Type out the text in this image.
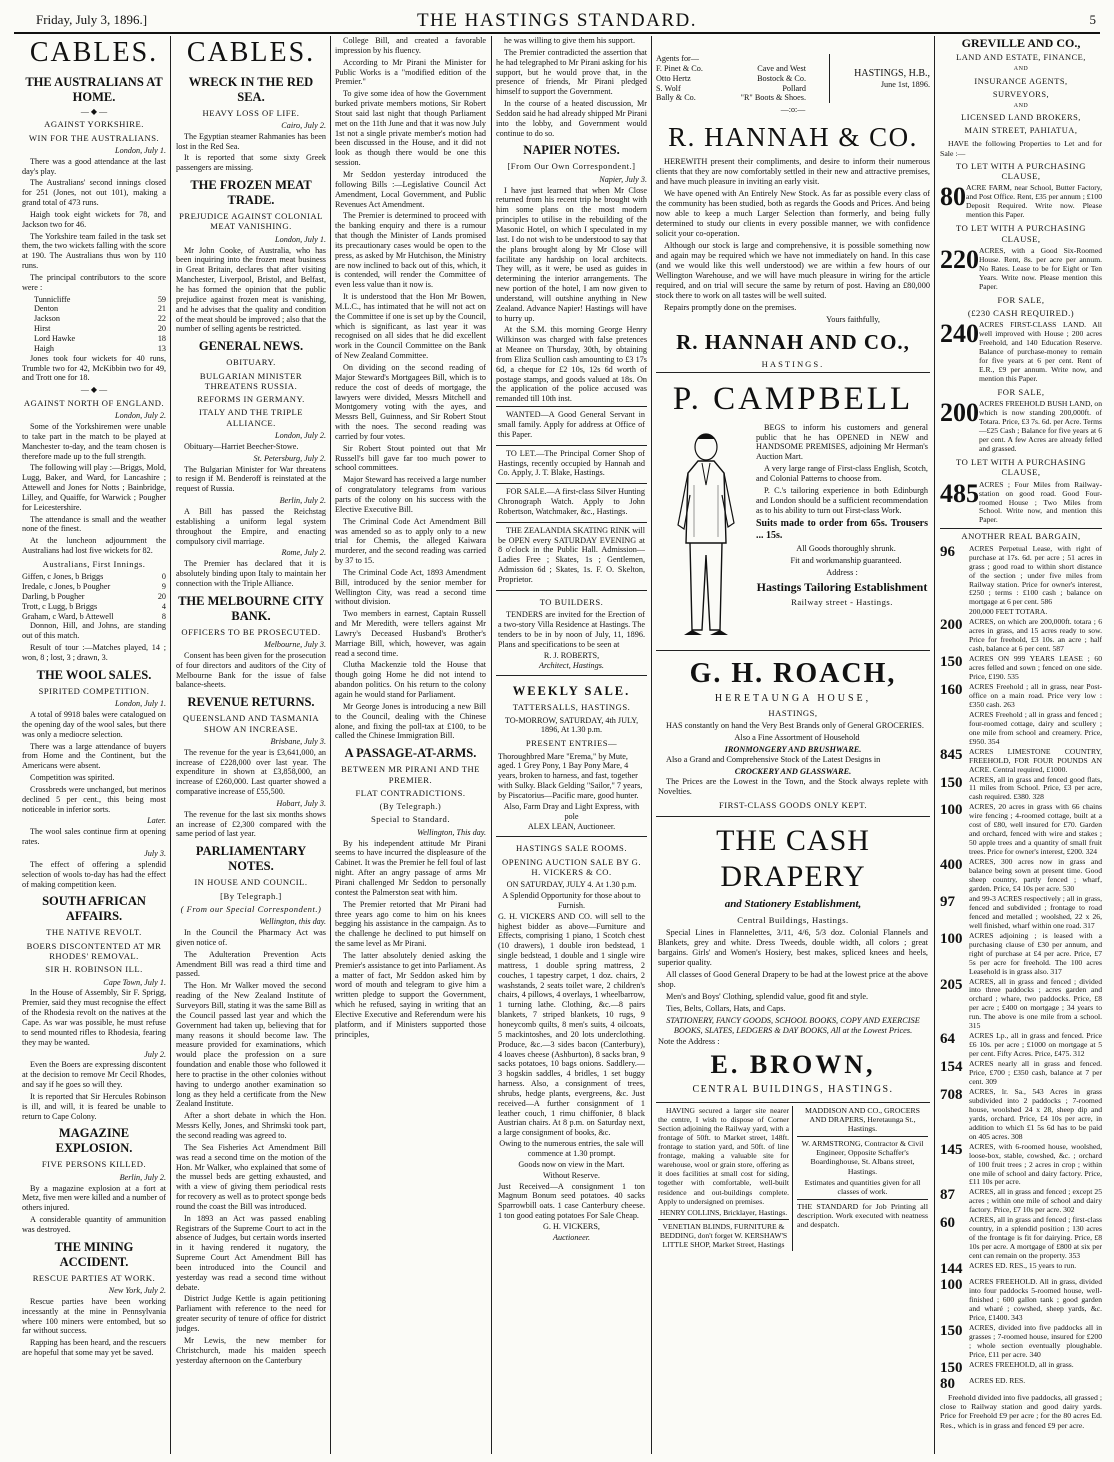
Friday, July 3, 1896.]	THE HASTINGS STANDARD.	5
CABLES.
THE AUSTRALIANS AT HOME.
— ◆ —
AGAINST YORKSHIRE.
WIN FOR THE AUSTRALIANS.
London, July 1.

There was a good attendance at the last day's play.

The Australians' second innings closed for 251 (Jones, not out 101), making a grand total of 473 runs.

Haigh took eight wickets for 78, and Jackson two for 46.

The Yorkshire team failed in the task set them, the two wickets falling with the score at 190. The Australians thus won by 110 runs.

The principal contributors to the score were :

Tunnicliffe	59
Denton	21
Jackson	22
Hirst	20
Lord Hawke	18
Haigh	13

Jones took four wickets for 40 runs, Trumble two for 42, McKibbin two for 49, and Trott one for 18.

— ◆ —
AGAINST NORTH OF ENGLAND.
London, July 2.

Some of the Yorkshiremen were unable to take part in the match to be played at Manchester to-day, and the team chosen is therefore made up to the full strength.

The following will play :—Briggs, Mold, Lugg, Baker, and Ward, for Lancashire ; Attewell and Jones for Notts ; Bainbridge, Lilley, and Quaiffe, for Warwick ; Pougher for Leicestershire.

The attendance is small and the weather none of the finest.

At the luncheon adjournment the Australians had lost five wickets for 82.

Australians, First Innings.
Giffen, c Jones, b Briggs	0
Iredale, c Jones, b Pougher	9
Darling, b Pougher	20
Trott, c Lugg, b Briggs	4
Graham, c Ward, b Attewell	8

Donnon, Hill, and Johns, are standing out of this match.

Result of tour :—Matches played, 14 ; won, 8 ; lost, 3 ; drawn, 3.

THE WOOL SALES.
SPIRITED COMPETITION.
London, July 1.

A total of 9918 bales were catalogued on the opening day of the wool sales, but there was only a mediocre selection.

There was a large attendance of buyers from Home and the Continent, but the Americans were absent.

Competition was spirited.

Crossbreds were unchanged, but merinos declined 5 per cent., this being most noticeable in inferior sorts.

Later.

The wool sales continue firm at opening rates.

July 3.

The effect of offering a splendid selection of wools to-day has had the effect of making competition keen.

SOUTH AFRICAN AFFAIRS.
THE NATIVE REVOLT.
BOERS DISCONTENTED AT MR RHODES' REMOVAL.
SIR H. ROBINSON ILL.
Cape Town, July 1.

In the House of Assembly, Sir F. Sprigg, Premier, said they must recognise the effect of the Rhodesia revolt on the natives at the Cape. As war was possible, he must refuse to send mounted rifles to Rhodesia, fearing they may be wanted.

July 2.

Even the Boers are expressing discontent at the decision to remove Mr Cecil Rhodes, and say if he goes so will they.

It is reported that Sir Hercules Robinson is ill, and will, it is feared be unable to return to Cape Colony.

MAGAZINE EXPLOSION.
FIVE PERSONS KILLED.
Berlin, July 2.

By a magazine explosion at a fort at Metz, five men were killed and a number of others injured.

A considerable quantity of ammunition was destroyed.

THE MINING ACCIDENT.
RESCUE PARTIES AT WORK.
New York, July 2.

Rescue parties have been working incessantly at the mine in Pennsylvania where 100 miners were entombed, but so far without success.

Rapping has been heard, and the rescuers are hopeful that some may yet be saved.

CABLES.
WRECK IN THE RED SEA.
HEAVY LOSS OF LIFE.
Cairo, July 2.

The Egyptian steamer Rahmanies has been lost in the Red Sea.

It is reported that some sixty Greek passengers are missing.

THE FROZEN MEAT TRADE.
PREJUDICE AGAINST COLONIAL MEAT VANISHING.
London, July 1.

Mr John Cooke, of Australia, who has been inquiring into the frozen meat business in Great Britain, declares that after visiting Manchester, Liverpool, Bristol, and Belfast, he has formed the opinion that the public prejudice against frozen meat is vanishing, and he advises that the quality and condition of the meat should be improved ; also that the number of selling agents be restricted.

GENERAL NEWS.
OBITUARY.
BULGARIAN MINISTER THREATENS RUSSIA.
REFORMS IN GERMANY.
ITALY AND THE TRIPLE ALLIANCE.
London, July 2.

Obituary—Harriet Beecher-Stowe.

St. Petersburg, July 2.

The Bulgarian Minister for War threatens to resign if M. Benderoff is reinstated at the request of Russia.

Berlin, July 2.

A Bill has passed the Reichstag establishing a uniform legal system throughout the Empire, and enacting compulsory civil marriage.

Rome, July 2.

The Premier has declared that it is absolutely binding upon Italy to maintain her connection with the Triple Alliance.

THE MELBOURNE CITY BANK.
OFFICERS TO BE PROSECUTED.
Melbourne, July 3.

Consent has been given for the prosecution of four directors and auditors of the City of Melbourne Bank for the issue of false balance-sheets.

REVENUE RETURNS.
QUEENSLAND AND TASMANIA SHOW AN INCREASE.
Brisbane, July 3.

The revenue for the year is £3,641,000, an increase of £228,000 over last year. The expenditure in shown at £3,858,000, an increase of £260,000. Last quarter showed a comparative increase of £55,500.

Hobart, July 3.

The revenue for the last six months shows an increase of £2,300 compared with the same period of last year.

PARLIAMENTARY NOTES.
IN HOUSE AND COUNCIL.
[By Telegraph.]
( From our Special Correspondent.)
Wellington, this day.

In the Council the Pharmacy Act was given notice of.

The Adulteration Prevention Acts Amendment Bill was read a third time and passed.

The Hon. Mr Walker moved the second reading of the New Zealand Institute of Surveyors Bill, stating it was the same Bill as the Council passed last year and which the Government had taken up, believing that for many reasons it should become law. The measure provided for examinations, which would place the profession on a sure foundation and enable those who followed it here to practise in the other colonies without having to undergo another examination so long as they held a certificate from the New Zealand Institute.

After a short debate in which the Hon. Messrs Kelly, Jones, and Shrimski took part, the second reading was agreed to.

The Sea Fisheries Act Amendment Bill was read a second time on the motion of the Hon. Mr Walker, who explained that some of the mussel beds are getting exhausted, and with a view of giving them periodical rests for recovery as well as to protect sponge beds round the coast the Bill was introduced.

In 1893 an Act was passed enabling Registrars of the Supreme Court to act in the absence of Judges, but certain words inserted in it having rendered it nugatory, the Supreme Court Act Amendment Bill has been introduced into the Council and yesterday was read a second time without debate.

District Judge Kettle is again petitioning Parliament with reference to the need for greater security of tenure of office for district judges.

Mr Lewis, the new member for Christchurch, made his maiden speech yesterday afternoon on the Canterbury

College Bill, and created a favorable impression by his fluency.

According to Mr Pirani the Minister for Public Works is a "modified edition of the Premier."

To give some idea of how the Government burked private members motions, Sir Robert Stout said last night that though Parliament met on the 11th June and that it was now July 1st not a single private member's motion had been discussed in the House, and it did not look as though there would be one this session.

Mr Seddon yesterday introduced the following Bills :—Legislative Council Act Amendment, Local Government, and Public Revenues Act Amendment.

The Premier is determined to proceed with the banking enquiry and there is a rumour that though the Minister of Lands promised its precautionary cases would be open to the press, as asked by Mr Hutchison, the Ministry are now inclined to back out of this, which, it is contended, will render the Committee of even less value than it now is.

It is understood that the Hon Mr Bowen, M.L.C., has intimated that he will not act on the Committee if one is set up by the Council, which is significant, as last year it was recognised on all sides that he did excellent work in the Council Committee on the Bank of New Zealand Committee.

On dividing on the second reading of Major Steward's Mortgagees Bill, which is to reduce the cost of deeds of mortgage, the lawyers were divided, Messrs Mitchell and Montgomery voting with the ayes, and Messrs Bell, Guinness, and Sir Robert Stout with the noes. The second reading was carried by four votes.

Sir Robert Stout pointed out that Mr Russell's bill gave far too much power to school committees.

Major Steward has received a large number of congratulatory telegrams from various parts of the colony on his success with the Elective Executive Bill.

The Criminal Code Act Amendment Bill was amended so as to apply only to a new trial for Chemis, the alleged Kaiwara murderer, and the second reading was carried by 37 to 15.

The Criminal Code Act, 1893 Amendment Bill, introduced by the senior member for Wellington City, was read a second time without division.

Two members in earnest, Captain Russell and Mr Meredith, were tellers against Mr Lawry's Deceased Husband's Brother's Marriage Bill, which, however, was again read a second time.

Clutha Mackenzie told the House that though going Home he did not intend to abandon politics. On his return to the colony again he would stand for Parliament.

Mr George Jones is introducing a new Bill to the Council, dealing with the Chinese alone, and fixing the poll-tax at £100, to be called the Chinese Immigration Bill.

A PASSAGE-AT-ARMS.
BETWEEN MR PIRANI AND THE PREMIER.
FLAT CONTRADICTIONS.
(By Telegraph.)
Special to Standard.
Wellington, This day.

By his independent attitude Mr Pirani seems to have incurred the displeasure of the Cabinet. It was the Premier he fell foul of last night. After an angry passage of arms Mr Pirani challenged Mr Seddon to personally contest the Palmerston seat with him.

The Premier retorted that Mr Pirani had three years ago come to him on his knees begging his assistance in the campaign. As to the challenge he declined to put himself on the same level as Mr Pirani.

The latter absolutely denied asking the Premier's assistance to get into Parliament. As a matter of fact, Mr Seddon asked him by word of mouth and telegram to give him a written pledge to support the Government, which he refused, saying in writing that an Elective Executive and Referendum were his platform, and if Ministers supported those principles,

he was willing to give them his support.

The Premier contradicted the assertion that he had telegraphed to Mr Pirani asking for his support, but he would prove that, in the presence of friends, Mr Pirani pledged himself to support the Government.

In the course of a heated discussion, Mr Seddon said he had already shipped Mr Pirani into the lobby, and Government would continue to do so.

NAPIER NOTES.
[From Our Own Correspondent.]
Napier, July 3.

I have just learned that when Mr Close returned from his recent trip he brought with him some plans on the most modern principles to utilise in the rebuilding of the Masonic Hotel, on which I speculated in my last. I do not wish to be understood to say that the plans brought along by Mr Close will facilitate any hardship on local architects. They will, as it were, be used as guides in determining the interior arrangements. The new portion of the hotel, I am now given to understand, will outshine anything in New Zealand. Advance Napier! Hastings will have to hurry up.

At the S.M. this morning George Henry Wilkinson was charged with false pretences at Meanee on Thursday, 30th, by obtaining from Eliza Scullion cash amounting to £3 17s 6d, a cheque for £2 10s, 12s 6d worth of postage stamps, and goods valued at 18s. On the application of the police accused was remanded till 10th inst.

WANTED—A Good General Servant in small family. Apply for address at Office of this Paper.

TO LET.—The Principal Corner Shop of Hastings, recently occupied by Hannah and Co. Apply, J. T. Blake, Hastings.

FOR SALE.—A first-class Silver Hunting Chronograph Watch. Apply to John Robertson, Watchmaker, &c., Hastings.

THE ZEALANDIA SKATING RINK will be OPEN every SATURDAY EVENING at 8 o'clock in the Public Hall. Admission—Ladies Free ; Skates, 1s ; Gentlemen, Admission 6d ; Skates, 1s. F. O. Skelton, Proprietor.

TO BUILDERS.

TENDERS are invited for the Erection of a two-story Villa Residence at Hastings. The tenders to be in by noon of July, 11, 1896. Plans and specifications to be seen at

R. J. ROBERTS,

Architect, Hastings.

WEEKLY SALE.
TATTERSALLS, HASTINGS.

TO-MORROW, SATURDAY, 4th JULY, 1896, At 1.30 p.m.

PRESENT ENTRIES—

Thoroughbred Mare "Erema," by Mute, aged. 1 Grey Pony, 1 Bay Pony Mare, 4 years, broken to harness, and fast, together with Sulky. Black Gelding "Sailor," 7 years, by Piscatorius—Pacific mare, good hunter.

Also, Farm Dray and Light Express, with pole

ALEX LEAN, Auctioneer.

HASTINGS SALE ROOMS.
OPENING AUCTION SALE BY G. H. VICKERS & CO.

ON SATURDAY, JULY 4. At 1.30 p.m.

A Splendid Opportunity for those about to Furnish.

G. H. VICKERS AND CO. will sell to the highest bidder as above—Furniture and Effects, comprising 1 piano, 1 Scotch chest (10 drawers), 1 double iron bedstead, 1 single bedstead, 1 double and 1 single wire mattress, 1 double spring mattress, 2 couches, 1 tapestry carpet, 1 doz. chairs, 2 washstands, 2 seats toilet ware, 2 children's chairs, 4 pillows, 4 overlays, 1 wheelbarrow, 1 turning lathe. Clothing, &c.—8 pairs blankets, 7 striped blankets, 10 rugs, 9 honeycomb quilts, 8 men's suits, 4 oilcoats, 5 mackintoshes, and 20 lots underclothing. Produce, &c.—3 sides bacon (Canterbury), 4 loaves cheese (Ashburton), 8 sacks bran, 9 sacks potatoes, 10 bags onions. Saddlery.—3 hogskin saddles, 4 bridles, 1 set buggy harness. Also, a consignment of trees, shrubs, hedge plants, evergreens, &c. Just received—A further consignment of 1 leather couch, 1 rimu chiffonier, 8 black Austrian chairs. At 8 p.m. on Saturday next, a large consignment of books, &c.

Owing to the numerous entries, the sale will commence at 1.30 prompt.

Goods now on view in the Mart.

Without Reserve.

Just Received—A consignment 1 ton Magnum Bonum seed potatoes. 40 sacks Sparrowbill oats. 1 case Canterbury cheese. 1 ton good eating potatoes For Sale Cheap.

G. H. VICKERS,

Auctioneer.

Agents for—
F. Pinet & Co.	Cave and West
Otto Hertz	Bostock & Co.
S. Wolf	Pollard
Bally & Co.	"R" Boots & Shoes.
HASTINGS, H.B.,
June 1st, 1896.
—:o:—
R. HANNAH & CO.

HEREWITH present their compliments, and desire to inform their numerous clients that they are now comfortably settled in their new and attractive premises, and have much pleasure in inviting an early visit.

We have opened with An Entirely New Stock. As far as possible every class of the community has been studied, both as regards the Goods and Prices. And being now able to keep a much Larger Selection than formerly, and being fully determined to study our clients in every possible manner, we with confidence solicit your co-operation.

Although our stock is large and comprehensive, it is possible something now and again may be required which we have not immediately on hand. In this case (and we would like this well understood) we are within a few hours of our Wellington Warehouse, and we will have much pleasure in wiring for the article required, and on trial will secure the same by return of post. Having an £80,000 stock there to work on all tastes will be well suited.

Repairs promptly done on the premises.

Yours faithfully,

R. HANNAH AND CO.,
HASTINGS.
P. CAMPBELL

BEGS to inform his customers and general public that he has OPENED in NEW and HANDSOME PREMISES, adjoining Mr Herman's Auction Mart.

A very large range of First-class English, Scotch, and Colonial Patterns to choose from.

P. C.'s tailoring experience in both Edinburgh and London should be a sufficient recommendation as to his ability to turn out First-class Work.

Suits made to order from 65s. Trousers ... 15s.

All Goods thoroughly shrunk.

Fit and workmanship guaranteed.

Address :

Hastings Tailoring Establishment
Railway street - Hastings.
G. H. ROACH,
HERETAUNGA HOUSE,
HASTINGS,

HAS constantly on hand the Very Best Brands only of General GROCERIES.

Also a Fine Assortment of Household

IRONMONGERY AND BRUSHWARE.

Also a Grand and Comprehensive Stock of the Latest Designs in

CROCKERY AND GLASSWARE.

The Prices are the Lowest in the Town, and the Stock always replete with Novelties.

FIRST-CLASS GOODS ONLY KEPT.
THE CASH DRAPERY
and Stationery Establishment,
Central Buildings, Hastings.

Special Lines in Flannelettes, 3/11, 4/6, 5/3 doz. Colonial Flannels and Blankets, grey and white. Dress Tweeds, double width, all colors ; great bargains. Girls' and Women's Hosiery, best makes, spliced knees and heels, superior quality.

All classes of Good General Drapery to be had at the lowest price at the above shop.

Men's and Boys' Clothing, splendid value, good fit and style.

Ties, Belts, Collars, Hats, and Caps.

STATIONERY, FANCY GOODS, SCHOOL BOOKS, COPY AND EXERCISE BOOKS, SLATES, LEDGERS & DAY BOOKS, All at the Lowest Prices.

Note the Address :

E. BROWN,
CENTRAL BUILDINGS, HASTINGS.

HAVING secured a larger site nearer the centre, I wish to dispose of Corner Section adjoining the Railway yard, with a frontage of 50ft. to Market street, 148ft. frontage to station yard, and 50ft. of line frontage, making a valuable site for warehouse, wool or grain store, offering as it does facilities at small cost for siding, together with comfortable, well-built residence and out-buildings complete. Apply to undersigned on premises.

HENRY COLLINS, Bricklayer, Hastings.

VENETIAN BLINDS, FURNITURE & BEDDING, don't forget W. KERSHAW'S LITTLE SHOP, Market Street, Hastings

MADDISON AND CO., GROCERS AND DRAPERS, Heretaunga St., Hastings.

W. ARMSTRONG, Contractor & Civil Engineer, Opposite Schaffer's Boardinghouse, St. Albans street, Hastings.

Estimates and quantities given for all classes of work.

THE STANDARD for Job Printing all description. Work executed with neatness and despatch.

GREVILLE AND CO.,
LAND AND ESTATE, FINANCE,
AND
INSURANCE AGENTS,
SURVEYORS,
AND
LICENSED LAND BROKERS,
MAIN STREET, PAHIATUA,

HAVE the following Properties to Let and for Sale :—

TO LET WITH A PURCHASING CLAUSE,
80 ACRE FARM, near School, Butter Factory, and Post Office. Rent, £35 per annum ; £100 Deposit Required. Write now. Please mention this Paper.
TO LET WITH A PURCHASING CLAUSE,
220 ACRES, with a Good Six-Roomed House. Rent, 8s. per acre per annum. No Rates. Lease to be for Eight or Ten Years. Write now. Please mention this Paper.
FOR SALE,
(£230 CASH REQUIRED.)
240 ACRES FIRST-CLASS LAND. All well improved with House ; 200 acres Freehold, and 140 Education Reserve. Balance of purchase-money to remain for five years at 6 per cent. Rent of E.R., £9 per annum. Write now, and mention this Paper.
FOR SALE,
200 ACRES FREEHOLD BUSH LAND, on which is now standing 200,000ft. of Totara. Price, £3 7s. 6d. per Acre. Terms—£25 Cash ; Balance for five years at 6 per cent. A few Acres are already felled and grassed.
TO LET WITH A PURCHASING CLAUSE,
485 ACRES ; Four Miles from Railway-station on good road. Good Four-roomed House ; Two Miles from School. Write now, and mention this Paper.
ANOTHER REAL BARGAIN,
96	ACRES Perpetual Lease, with right of purchase at 17s. 6d. per acre ; 51 acres in grass ; good road to within short distance of the section ; under five miles from Railway station. Price for owner's interest, £250 ; terms : £100 cash ; balance on mortgage at 6 per cent. 586
200,000 FEET TOTARA.
200 ACRES, on which are 200,000ft. totara ; 6 acres in grass, and 15 acres ready to sow. Price for freehold, £3 10s. an acre ; half cash, balance at 6 per cent. 587
150 ACRES ON 999 YEARS LEASE ; 60 acres felled and sown ; fenced on one side. Price, £190. 535
160 ACRES Freehold ; all in grass, near Post-office on a main road. Price very low : £350 cash. 263
ACRES Freehold ; all in grass and fenced ; four-roomed cottage, dairy and scullery ; one mile from school and creamery. Price, £950. 354
845 ACRES LIMESTONE COUNTRY, FREEHOLD, FOR FOUR POUNDS AN ACRE. Central required, £1000.
150 ACRES, all in grass and fenced good flats, 11 miles from School. Price, £3 per acre, cash required. £380. 328
100 ACRES, 20 acres in grass with 66 chains wire fencing ; 4-roomed cottage, built at a cost of £80, well insured for £70. Garden and orchard, fenced with wire and stakes ; 50 apple trees and a quantity of small fruit trees. Price for owner's interest, £200. 324
400 ACRES, 300 acres now in grass and balance being sown at present time. Good sheep country, partly fenced ; wharf, garden. Price, £4 10s per acre. 530
97	and 99-3 ACRES respectively ; all in grass, fenced and subdivided ; frontage to road fenced and metalled ; woolshed, 22 x 26, well finished, wharf within one road. 317
100 ACRES adjoining ; is leased with a purchasing clause of £30 per annum, and right of purchase at £4 per acre. Price, £7 5s per acre for freehold. The 100 acres Leasehold is in grass also. 317
205 ACRES, all in grass and fenced ; divided into three paddocks ; acres garden and orchard ; whare, two paddocks. Price, £8 per acre ; £400 on mortgage ; 34 years to run. The above is one mile from a school. 315
64	ACRES Lp., all in grass and fenced. Price £6 10s. per acre ; £1000 on mortgage at 5 per cent. Fifty Acres. Price, £475. 312
154 ACRES nearly all in grass and fenced. Price, £700 ; £350 cash, balance at 7 per cent. 309
708 ACRES, lr. Sa., 543 Acres in grass subdivided into 2 paddocks ; 7-roomed house, woolshed 24 x 28, sheep dip and yards, orchard. Price, £4 10s per acre, in addition to which £1 5s 6d has to be paid on 405 acres. 308
145 ACRES, with 6-roomed house, woolshed, loose-box, stable, cowshed, &c. ; orchard of 100 fruit trees ; 2 acres in crop ; within one mile of school and dairy factory. Price, £11 10s per acre.
87	ACRES, all in grass and fenced ; except 25 acres ; within one mile of school and dairy factory. Price, £7 10s per acre. 302
60	ACRES, all in grass and fenced ; first-class country, in a splendid position ; 130 acres of the frontage is fit for dairying. Price, £8 10s per acre. A mortgage of £800 at six per cent can remain on the property. 353
144 ACRES ED. RES., 15 years to run.
100 ACRES FREEHOLD. All in grass, divided into four paddocks 5-roomed house, well-finished ; 600 gallon tank ; good garden and wharé ; cowshed, sheep yards, &c. Price, £1400. 343
150 ACRES, divided into five paddocks all in grasses ; 7-roomed house, insured for £200 ; whole section eventually ploughable. Price, £11 per acre. 340
150 ACRES FREEHOLD, all in grass.
80	ACRES ED. RES.

Freehold divided into five paddocks, all grassed ; close to Railway station and good dairy yards. Price for Freehold £9 per acre ; for the 80 acres Ed. Res., which is in grass and fenced £9 per acre.
